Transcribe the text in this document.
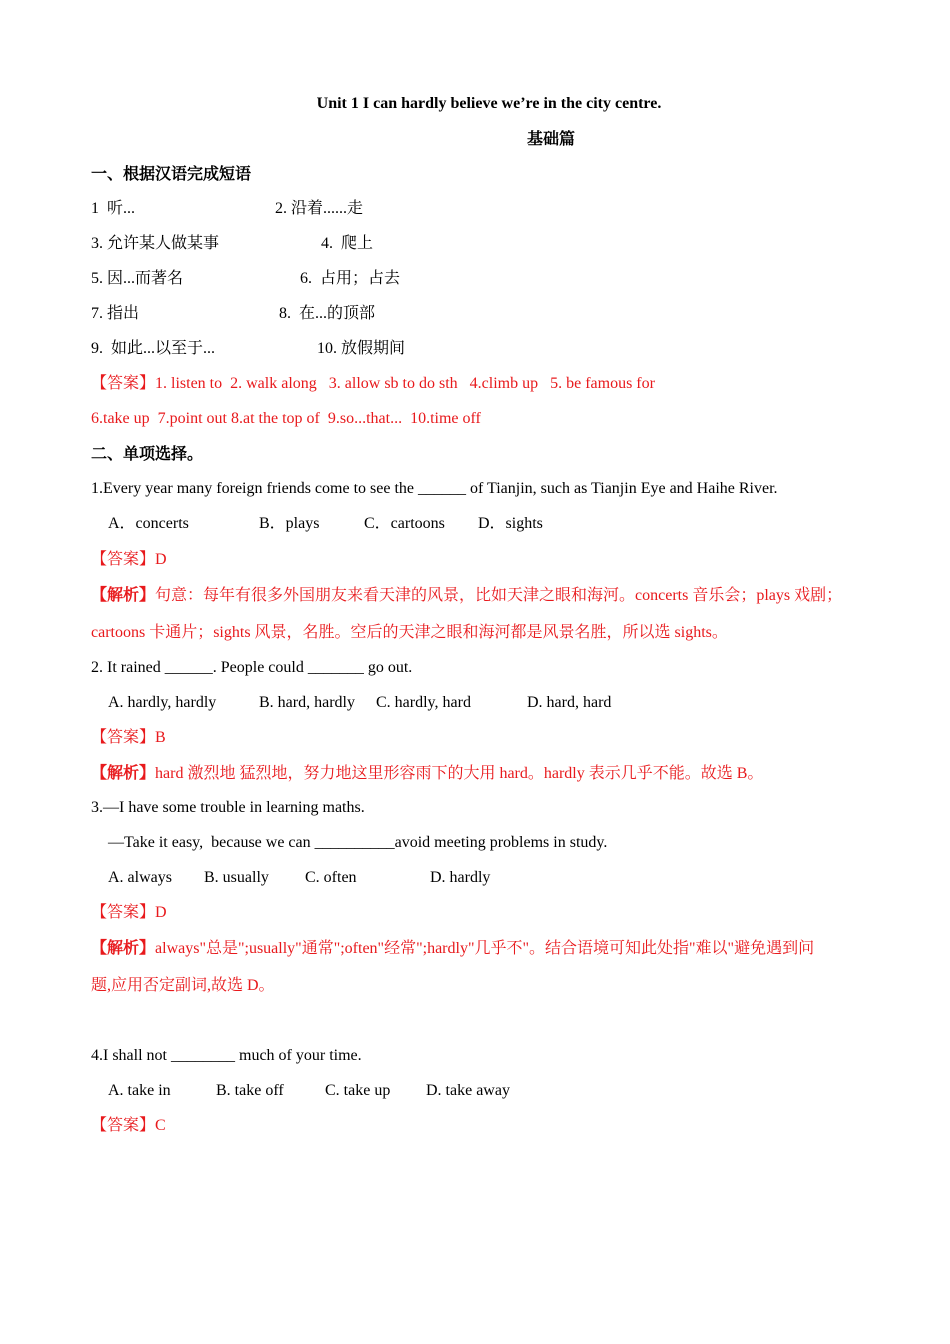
Unit 1 I can hardly believe we’re in the city centre.
基础篇
一、根据汉语完成短语
1  听...	2. 沿着......走
3. 允许某人做某事	4.  爬上
5. 因...而著名	6.  占用；占去
7. 指出	8.  在...的顶部
9.  如此...以至于...	10. 放假期间
【答案】1. listen to  2. walk along   3. allow sb to do sth   4.climb up   5. be famous for
6.take up  7.point out 8.at the top of  9.so...that...  10.time off
二、单项选择。
1.Every year many foreign friends come to see the ______ of Tianjin, such as Tianjin Eye and Haihe River.
A．concerts	B．plays	C．cartoons D．sights
【答案】D
【解析】句意：每年有很多外国朋友来看天津的风景，比如天津之眼和海河。concerts 音乐会；plays 戏剧；
cartoons 卡通片；sights 风景，名胜。空后的天津之眼和海河都是风景名胜，所以选 sights。
2. It rained ______. People could _______ go out.
A. hardly, hardly	B. hard, hardly C. hardly, hard	D. hard, hard
【答案】B
【解析】hard 激烈地 猛烈地，努力地这里形容雨下的大用 hard。hardly 表示几乎不能。故选 B。
3.—I have some trouble in learning maths.
—Take it easy,  because we can __________avoid meeting problems in study.
A. always B. usually C. often	D. hardly
【答案】D
【解析】always"总是";usually"通常";often"经常";hardly"几乎不"。结合语境可知此处指"难以"避免遇到问
题,应用否定副词,故选 D。
4.I shall not ________ much of your time.
A. take in	B. take off	C. take up D. take away
【答案】C
